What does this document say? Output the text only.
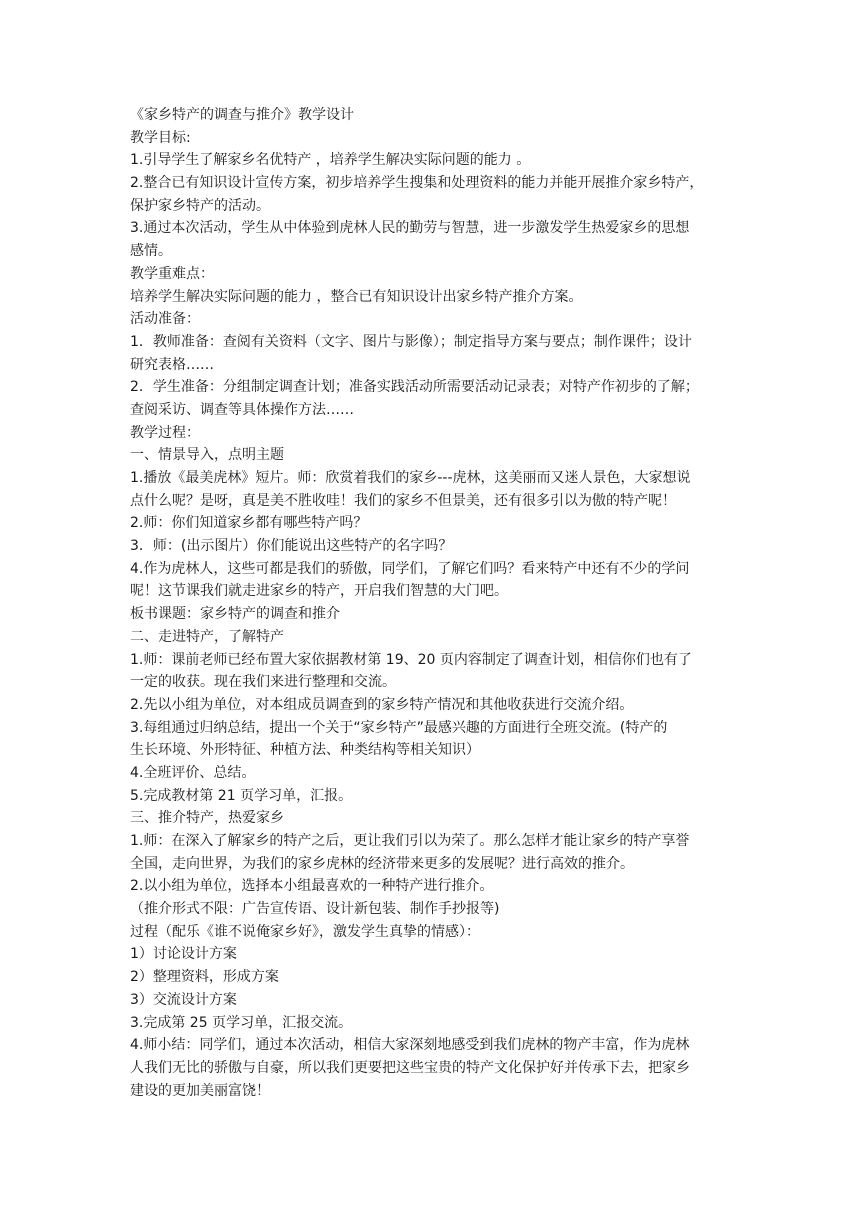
《家乡特产的调查与推介》教学设计
教学目标:
1.引导学生了解家乡名优特产 ，培养学生解决实际问题的能力 。
2.整合已有知识设计宣传方案，初步培养学生搜集和处理资料的能力并能开展推介家乡特产，
保护家乡特产的活动。
3.通过本次活动，学生从中体验到虎林人民的勤劳与智慧，进一步激发学生热爱家乡的思想
感情。
教学重难点：
培养学生解决实际问题的能力 ，整合已有知识设计出家乡特产推介方案。
活动准备：
1．教师准备：查阅有关资料（文字、图片与影像）；制定指导方案与要点；制作课件；设计
研究表格……
2．学生准备：分组制定调查计划；准备实践活动所需要活动记录表；对特产作初步的了解；
查阅采访、调查等具体操作方法……
教学过程：
一、情景导入，点明主题
1.播放《最美虎林》短片。师：欣赏着我们的家乡---虎林，这美丽而又迷人景色，大家想说
点什么呢？是呀，真是美不胜收哇！我们的家乡不但景美，还有很多引以为傲的特产呢！
2.师：你们知道家乡都有哪些特产吗？
3．师：(出示图片）你们能说出这些特产的名字吗？
4.作为虎林人，这些可都是我们的骄傲，同学们，了解它们吗？看来特产中还有不少的学问
呢！这节课我们就走进家乡的特产，开启我们智慧的大门吧。
板书课题：家乡特产的调查和推介
二、走进特产，了解特产
1.师：课前老师已经布置大家依据教材第 19、20 页内容制定了调查计划，相信你们也有了
一定的收获。现在我们来进行整理和交流。
2.先以小组为单位，对本组成员调查到的家乡特产情况和其他收获进行交流介绍。
3.每组通过归纳总结，提出一个关于“家乡特产”最感兴趣的方面进行全班交流。(特产的
生长环境、外形特征、种植方法、种类结构等相关知识）
4.全班评价、总结。
5.完成教材第 21 页学习单，汇报。
三、推介特产，热爱家乡
1.师：在深入了解家乡的特产之后，更让我们引以为荣了。那么怎样才能让家乡的特产享誉
全国，走向世界，为我们的家乡虎林的经济带来更多的发展呢？进行高效的推介。
2.以小组为单位，选择本小组最喜欢的一种特产进行推介。
（推介形式不限：广告宣传语、设计新包装、制作手抄报等)
过程（配乐《谁不说俺家乡好》，激发学生真挚的情感）：
1）讨论设计方案
2）整理资料，形成方案
3）交流设计方案
3.完成第 25 页学习单，汇报交流。
4.师小结：同学们，通过本次活动，相信大家深刻地感受到我们虎林的物产丰富，作为虎林
人我们无比的骄傲与自豪，所以我们更要把这些宝贵的特产文化保护好并传承下去，把家乡
建设的更加美丽富饶！
